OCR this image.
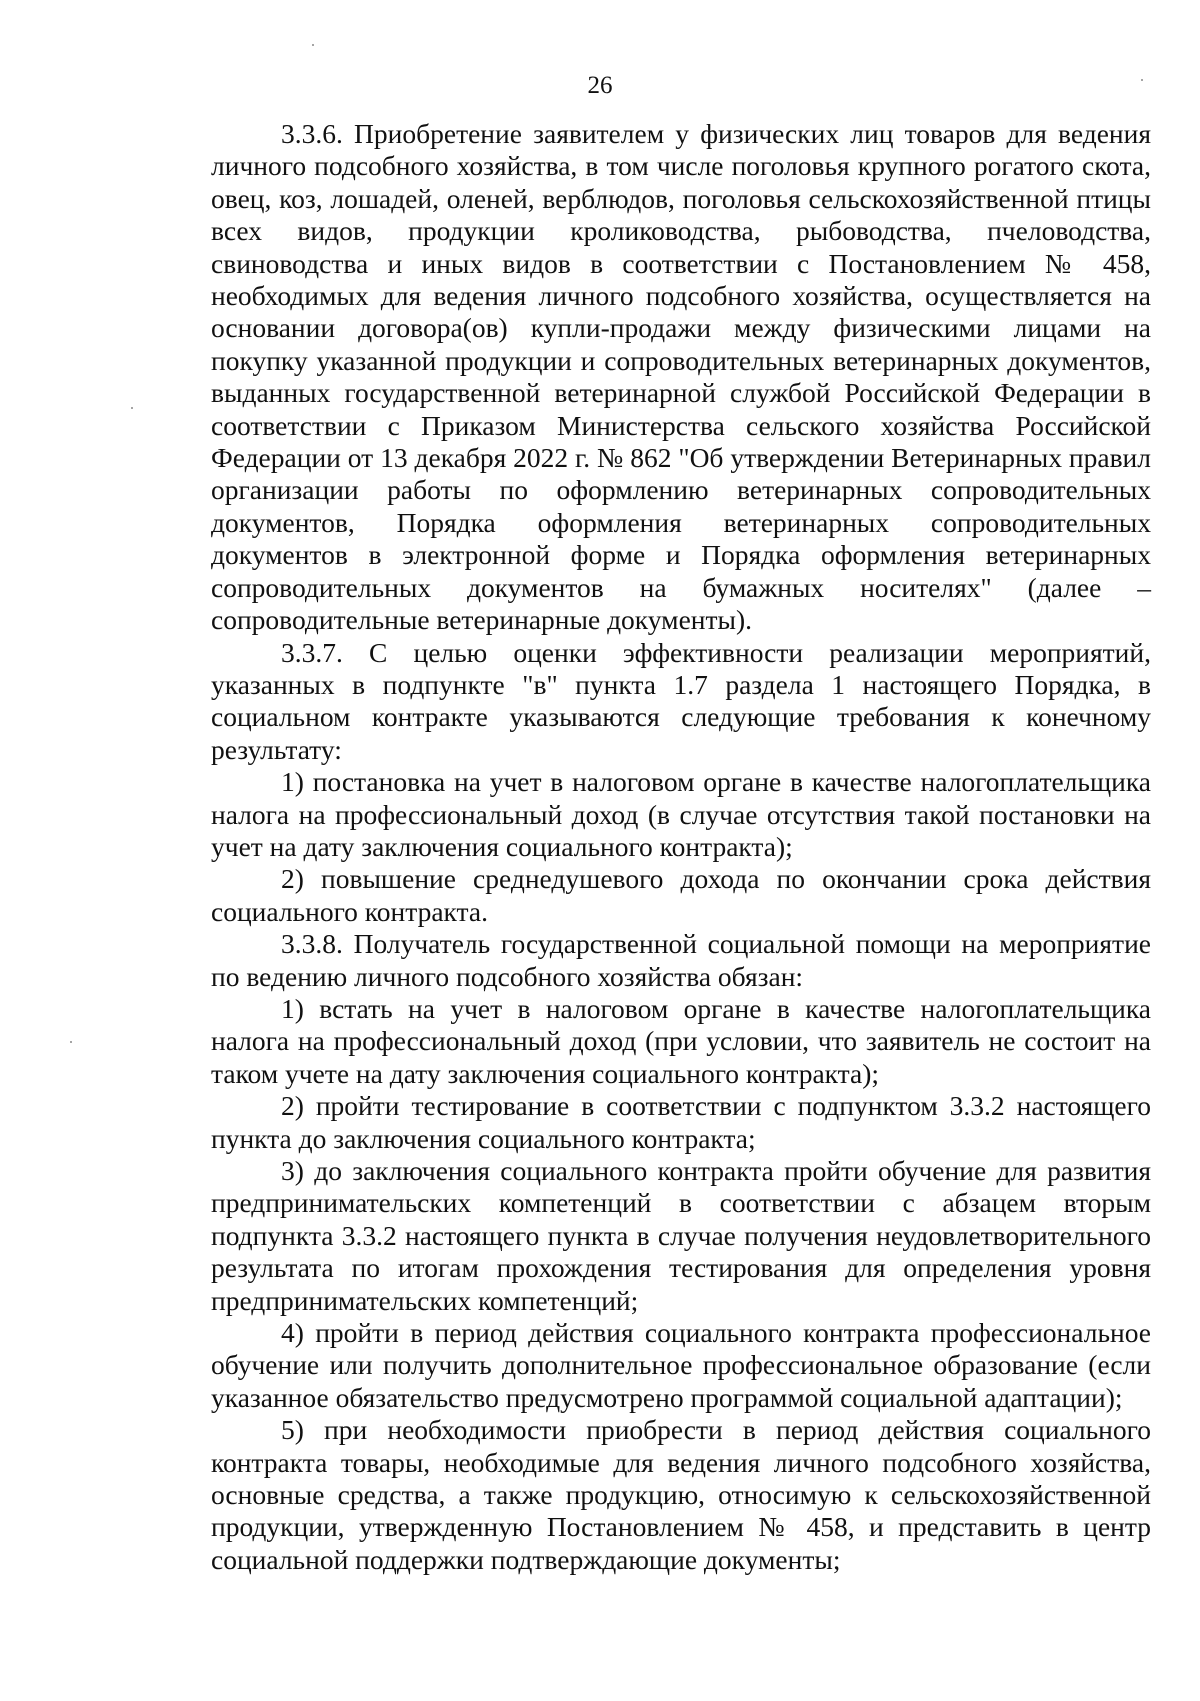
26

3.3.6. Приобретение заявителем у физических лиц товаров для ведения личного подсобного хозяйства, в том числе поголовья крупного рогатого скота, овец, коз, лошадей, оленей, верблюдов, поголовья сельскохозяйственной птицы всех видов, продукции кролиководства, рыбоводства, пчеловодства, свиноводства и иных видов в соответствии с Постановлением № 458, необходимых для ведения личного подсобного хозяйства, осуществляется на основании договора(ов) купли-продажи между физическими лицами на покупку указанной продукции и сопроводительных ветеринарных документов, выданных государственной ветеринарной службой Российской Федерации в соответствии с Приказом Министерства сельского хозяйства Российской Федерации от 13 декабря 2022 г. № 862 "Об утверждении Ветеринарных правил организации работы по оформлению ветеринарных сопроводительных документов, Порядка оформления ветеринарных сопроводительных документов в электронной форме и Порядка оформления ветеринарных сопроводительных документов на бумажных носителях" (далее – сопроводительные ветеринарные документы).

3.3.7. С целью оценки эффективности реализации мероприятий, указанных в подпункте "в" пункта 1.7 раздела 1 настоящего Порядка, в социальном контракте указываются следующие требования к конечному результату:

1) постановка на учет в налоговом органе в качестве налогоплательщика налога на профессиональный доход (в случае отсутствия такой постановки на учет на дату заключения социального контракта);

2) повышение среднедушевого дохода по окончании срока действия социального контракта.

3.3.8. Получатель государственной социальной помощи на мероприятие по ведению личного подсобного хозяйства обязан:

1) встать на учет в налоговом органе в качестве налогоплательщика налога на профессиональный доход (при условии, что заявитель не состоит на таком учете на дату заключения социального контракта);

2) пройти тестирование в соответствии с подпунктом 3.3.2 настоящего пункта до заключения социального контракта;

3) до заключения социального контракта пройти обучение для развития предпринимательских компетенций в соответствии с абзацем вторым подпункта 3.3.2 настоящего пункта в случае получения неудовлетворительного результата по итогам прохождения тестирования для определения уровня предпринимательских компетенций;

4) пройти в период действия социального контракта профессиональное обучение или получить дополнительное профессиональное образование (если указанное обязательство предусмотрено программой социальной адаптации);

5) при необходимости приобрести в период действия социального контракта товары, необходимые для ведения личного подсобного хозяйства, основные средства, а также продукцию, относимую к сельскохозяйственной продукции, утвержденную Постановлением № 458, и представить в центр социальной поддержки подтверждающие документы;
